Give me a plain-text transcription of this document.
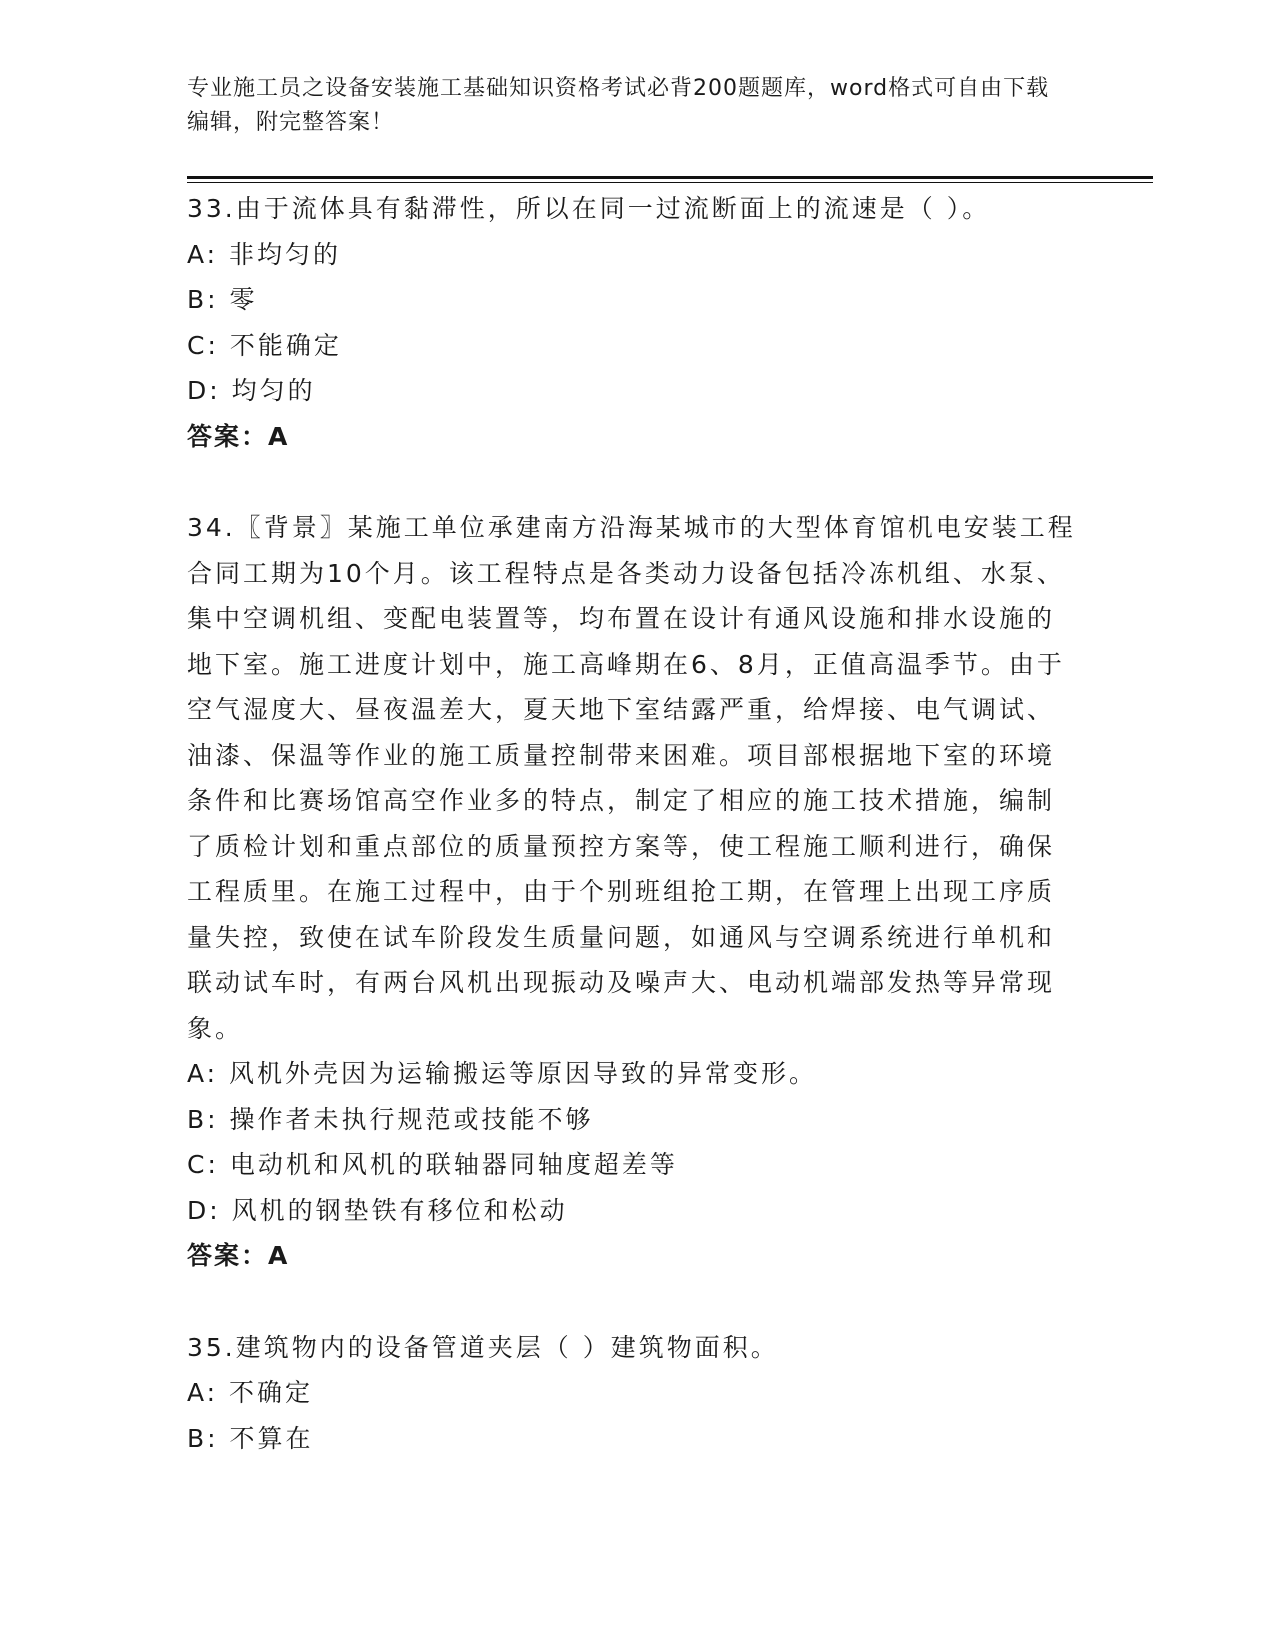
专业施工员之设备安装施工基础知识资格考试必背200题题库，word格式可自由下载编辑，附完整答案！

33.由于流体具有黏滞性，所以在同一过流断面上的流速是（ ）。

A: 非均匀的

B: 零

C: 不能确定

D: 均匀的

答案：A

34.〖背景〗某施工单位承建南方沿海某城市的大型体育馆机电安装工程合同工期为10个月。该工程特点是各类动力设备包括冷冻机组、水泵、集中空调机组、变配电装置等，均布置在设计有通风设施和排水设施的地下室。施工进度计划中，施工高峰期在6、8月，正值高温季节。由于空气湿度大、昼夜温差大，夏天地下室结露严重，给焊接、电气调试、油漆、保温等作业的施工质量控制带来困难。项目部根据地下室的环境条件和比赛场馆高空作业多的特点，制定了相应的施工技术措施，编制了质检计划和重点部位的质量预控方案等，使工程施工顺利进行，确保工程质里。在施工过程中，由于个别班组抢工期，在管理上出现工序质量失控，致使在试车阶段发生质量问题，如通风与空调系统进行单机和联动试车时，有两台风机出现振动及噪声大、电动机端部发热等异常现象。

A: 风机外壳因为运输搬运等原因导致的异常变形。

B: 操作者未执行规范或技能不够

C: 电动机和风机的联轴器同轴度超差等

D: 风机的钢垫铁有移位和松动

答案：A

35.建筑物内的设备管道夹层（ ）建筑物面积。

A: 不确定

B: 不算在
